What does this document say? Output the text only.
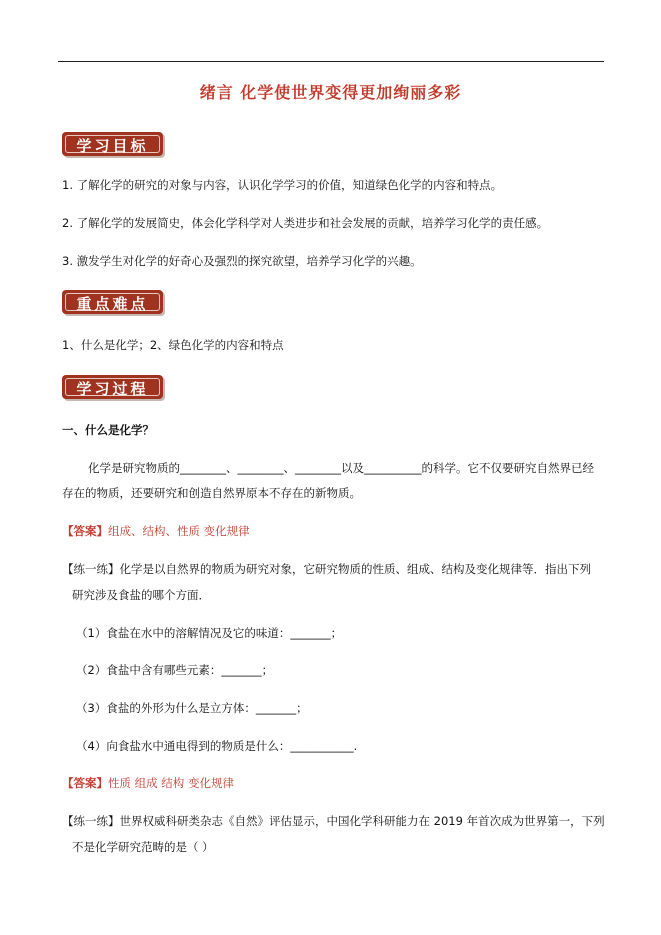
绪言 化学使世界变得更加绚丽多彩
学习目标
1. 了解化学的研究的对象与内容，认识化学学习的价值，知道绿色化学的内容和特点。
2. 了解化学的发展简史，体会化学科学对人类进步和社会发展的贡献，培养学习化学的责任感。
3. 激发学生对化学的好奇心及强烈的探究欲望，培养学习化学的兴趣。
重点难点
1、什么是化学；2、绿色化学的内容和特点
学习过程
一、什么是化学？
化学是研究物质的________、________、________以及__________的科学。它不仅要研究自然界已经
存在的物质，还要研究和创造自然界原本不存在的新物质。
【答案】组成、结构、性质 变化规律
【练一练】化学是以自然界的物质为研究对象，它研究物质的性质、组成、结构及变化规律等．指出下列
研究涉及食盐的哪个方面．
（1）食盐在水中的溶解情况及它的味道：_______；
（2）食盐中含有哪些元素：_______；
（3）食盐的外形为什么是立方体：_______；
（4）向食盐水中通电得到的物质是什么：___________.
【答案】性质 组成 结构 变化规律
【练一练】世界权威科研类杂志《自然》评估显示，中国化学科研能力在 2019 年首次成为世界第一，下列
不是化学研究范畴的是（ ）
